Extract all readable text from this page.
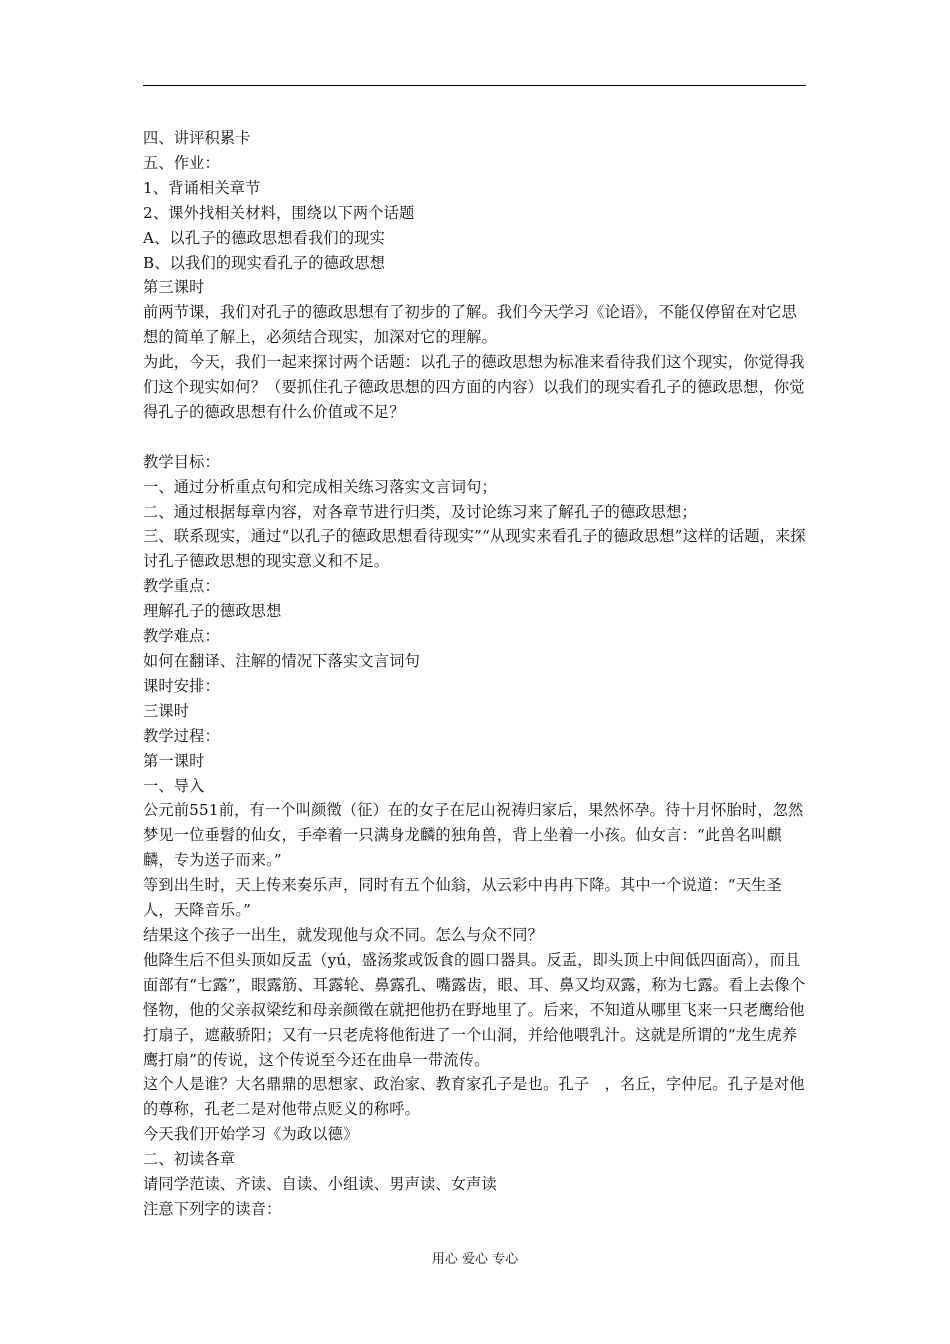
四、讲评积累卡

五、作业：

1、背诵相关章节

2、课外找相关材料，围绕以下两个话题

A、以孔子的德政思想看我们的现实

B、以我们的现实看孔子的德政思想

第三课时

前两节课，我们对孔子的德政思想有了初步的了解。我们今天学习《论语》，不能仅停留在对它思想的简单了解上，必须结合现实，加深对它的理解。

为此，今天，我们一起来探讨两个话题：以孔子的德政思想为标准来看待我们这个现实，你觉得我们这个现实如何？（要抓住孔子德政思想的四方面的内容）以我们的现实看孔子的德政思想，你觉得孔子的德政思想有什么价值或不足？

教学目标：

一、通过分析重点句和完成相关练习落实文言词句；

二、通过根据每章内容，对各章节进行归类，及讨论练习来了解孔子的德政思想；

三、联系现实，通过“以孔子的德政思想看待现实”“从现实来看孔子的德政思想”这样的话题，来探讨孔子德政思想的现实意义和不足。

教学重点：

理解孔子的德政思想

教学难点：

如何在翻译、注解的情况下落实文言词句

课时安排：

三课时

教学过程：

第一课时

一、导入

公元前551前，有一个叫颜徵（征）在的女子在尼山祝祷归家后，果然怀孕。待十月怀胎时，忽然梦见一位垂髫的仙女，手牵着一只满身龙麟的独角兽，背上坐着一小孩。仙女言：“此兽名叫麒麟，专为送子而来。”

等到出生时，天上传来奏乐声，同时有五个仙翁，从云彩中冉冉下降。其中一个说道：“天生圣人，天降音乐。”

结果这个孩子一出生，就发现他与众不同。怎么与众不同？

他降生后不但头顶如反盂（yú，盛汤浆或饭食的圆口器具。反盂，即头顶上中间低四面高），而且面部有“七露”，眼露筋、耳露轮、鼻露孔、嘴露齿，眼、耳、鼻又均双露，称为七露。看上去像个怪物，他的父亲叔梁纥和母亲颜徵在就把他扔在野地里了。后来，不知道从哪里飞来一只老鹰给他打扇子，遮蔽骄阳；又有一只老虎将他衔进了一个山洞，并给他喂乳汁。这就是所谓的“龙生虎养鹰打扇”的传说，这个传说至今还在曲阜一带流传。

这个人是谁？大名鼎鼎的思想家、政治家、教育家孔子是也。孔子　，名丘，字仲尼。孔子是对他的尊称，孔老二是对他带点贬义的称呼。

今天我们开始学习《为政以德》

二、初读各章

请同学范读、齐读、自读、小组读、男声读、女声读

注意下列字的读音：

用心 爱心 专心
